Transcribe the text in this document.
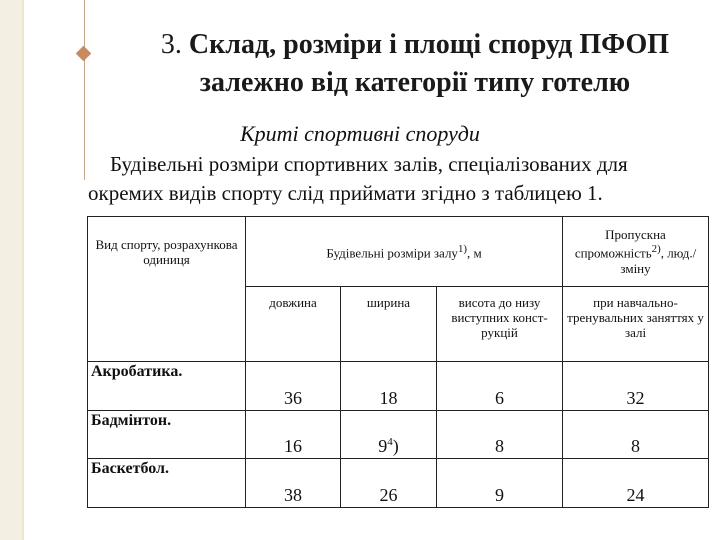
3. Склад, розміри і площі споруд ПФОП
залежно від категорії типу готелю
Криті спортивні споруди
Будівельні розміри спортивних залів, спеціалізованих для
окремих видів спорту слід приймати згідно з таблицею 1.
Вид спорту, розрахункова одиниця	Будівельні розміри залу$^{1)}$, м			Пропускна спроможність$^{2)}$, люд./зміну
	довжина	ширина	висота до низу виступних конст-рукцій	при навчально-тренувальних заняттях у залі
Акробатика.	36	18	6	32
Бадмінтон.	16	$9^4$)	8	8
Баскетбол.	38	26	9	24
